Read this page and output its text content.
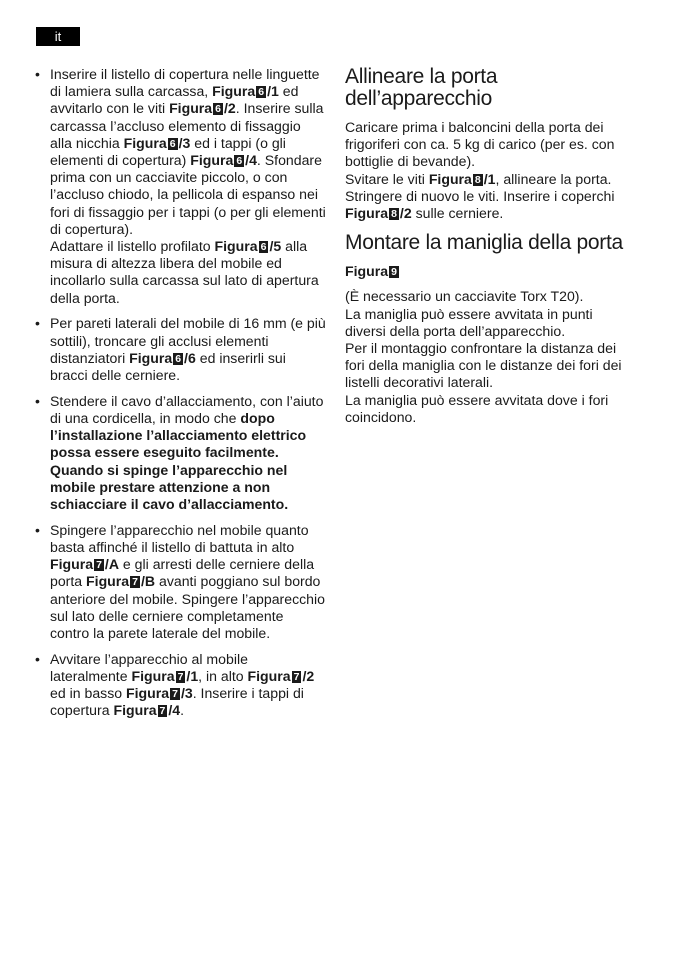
it
• Inserire il listello di copertura nelle linguette di lamiera sulla carcassa, Figura 6 /1 ed avvitarlo con le viti Figura 6 /2. Inserire sulla carcassa l’accluso elemento di fissaggio alla nicchia Figura 6 /3 ed i tappi (o gli elementi di copertura) Figura 6 /4. Sfondare prima con un cacciavite piccolo, o con l’accluso chiodo, la pellicola di espanso nei fori di fissaggio per i tappi (o per gli elementi di copertura).
Adattare il listello profilato Figura 6 /5 alla misura di altezza libera del mobile ed incollarlo sulla carcassa sul lato di apertura della porta.
• Per pareti laterali del mobile di 16 mm (e più sottili), troncare gli acclusi elementi distanziatori Figura 6 /6 ed inserirli sui bracci delle cerniere.
• Stendere il cavo d’allacciamento, con l’aiuto di una cordicella, in modo che dopo l’installazione l’allacciamento elettrico possa essere eseguito facilmente. Quando si spinge l’apparecchio nel mobile prestare attenzione a non schiacciare il cavo d’allacciamento.
• Spingere l’apparecchio nel mobile quanto basta affinché il listello di battuta in alto Figura 7 /A e gli arresti delle cerniere della porta Figura 7 /B avanti poggiano sul bordo anteriore del mobile. Spingere l’apparecchio sul lato delle cerniere completamente contro la parete laterale del mobile.
• Avvitare l’apparecchio al mobile lateralmente Figura 7 /1, in alto Figura 7 /2 ed in basso Figura 7 /3. Inserire i tappi di copertura Figura 7 /4.
Allineare la porta dell’apparecchio

Caricare prima i balconcini della porta dei frigoriferi con ca. 5 kg di carico (per es. con bottiglie di bevande).
Svitare le viti Figura 8 /1, allineare la porta. Stringere di nuovo le viti. Inserire i coperchi Figura 8 /2 sulle cerniere.

Montare la maniglia della porta

Figura 9

(È necessario un cacciavite Torx T20).
La maniglia può essere avvitata in punti diversi della porta dell’apparecchio.
Per il montaggio confrontare la distanza dei fori della maniglia con le distanze dei fori dei listelli decorativi laterali.
La maniglia può essere avvitata dove i fori coincidono.
